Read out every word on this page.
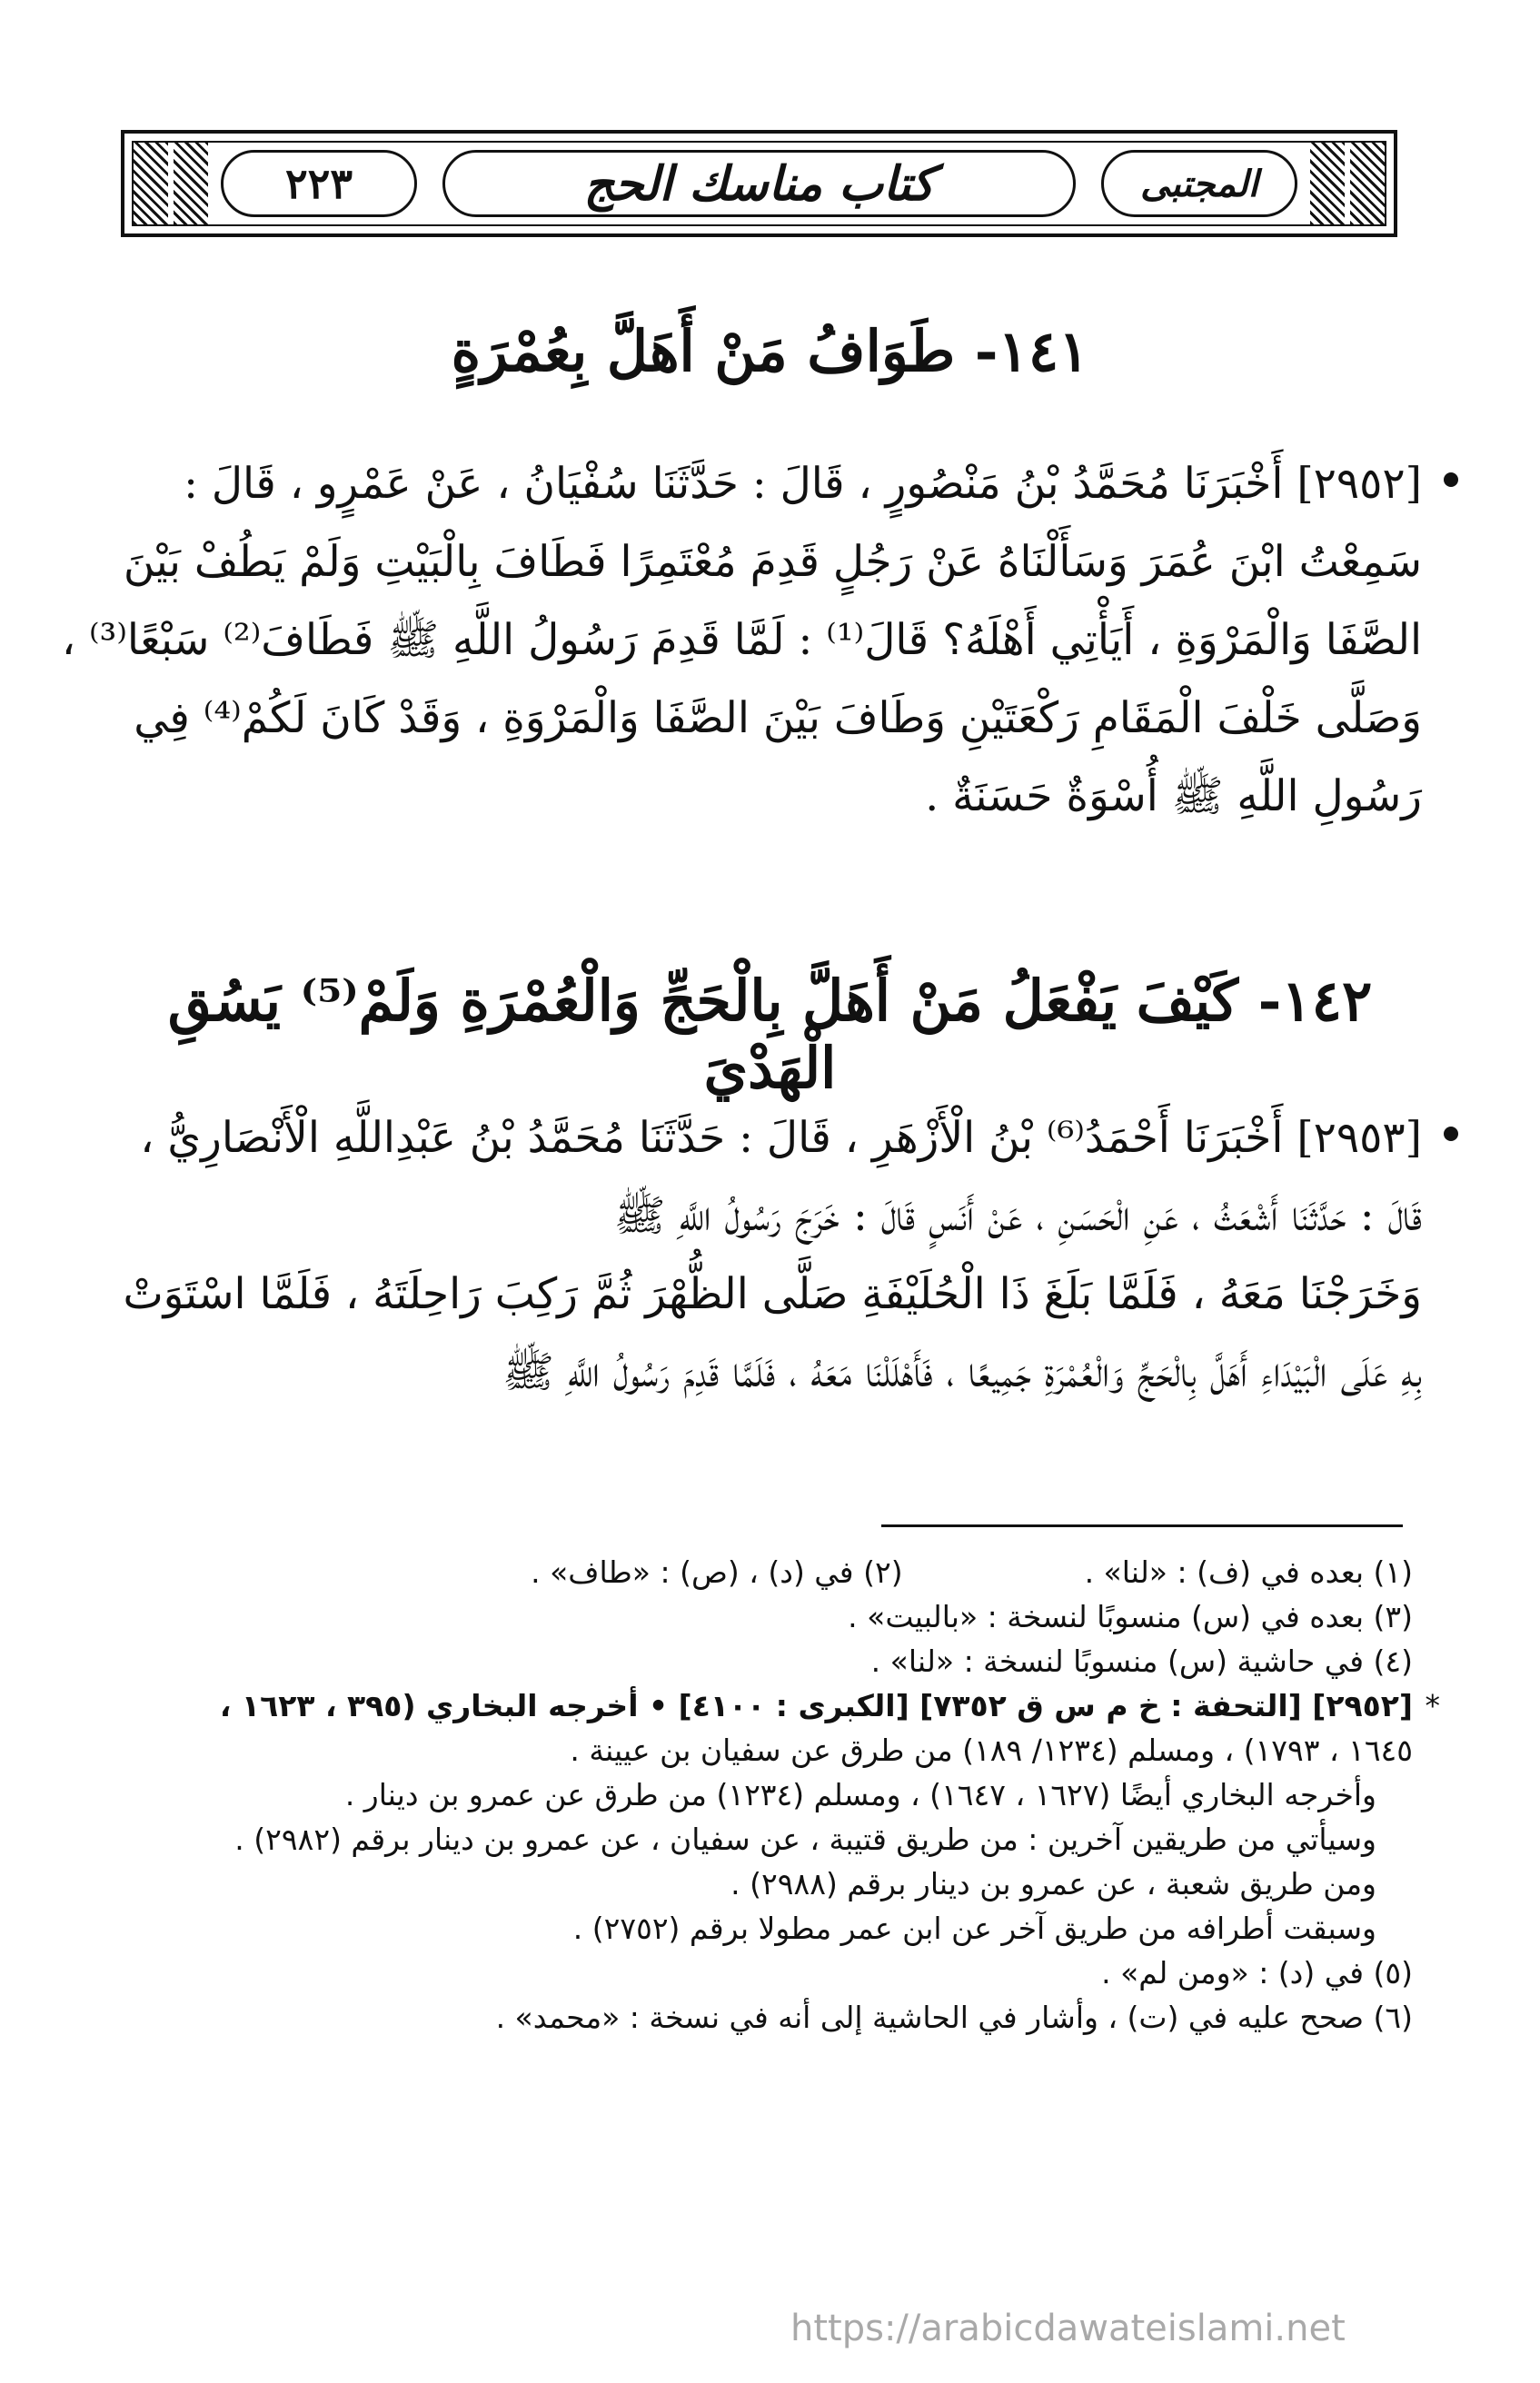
٢٢٣	كتاب مناسك الحج	المجتبى
١٤١- طَوَافُ مَنْ أَهَلَّ بِعُمْرَةٍ
[٢٩٥٢] أَخْبَرَنَا مُحَمَّدُ بْنُ مَنْصُورٍ ، قَالَ : حَدَّثَنَا سُفْيَانُ ، عَنْ عَمْرٍو ، قَالَ :
سَمِعْتُ ابْنَ عُمَرَ وَسَأَلْنَاهُ عَنْ رَجُلٍ قَدِمَ مُعْتَمِرًا فَطَافَ بِالْبَيْتِ وَلَمْ يَطُفْ بَيْنَ
الصَّفَا وَالْمَرْوَةِ ، أَيَأْتِي أَهْلَهُ؟ قَالَ⁽¹⁾ : لَمَّا قَدِمَ رَسُولُ اللَّهِ ﷺ فَطَافَ⁽²⁾ سَبْعًا⁽³⁾ ،
وَصَلَّى خَلْفَ الْمَقَامِ رَكْعَتَيْنِ وَطَافَ بَيْنَ الصَّفَا وَالْمَرْوَةِ ، وَقَدْ كَانَ لَكُمْ⁽⁴⁾ فِي
رَسُولِ اللَّهِ ﷺ أُسْوَةٌ حَسَنَةٌ .
١٤٢- كَيْفَ يَفْعَلُ مَنْ أَهَلَّ بِالْحَجِّ وَالْعُمْرَةِ وَلَمْ⁽⁵⁾ يَسُقِ الْهَدْيَ
[٢٩٥٣] أَخْبَرَنَا أَحْمَدُ⁽⁶⁾ بْنُ الْأَزْهَرِ ، قَالَ : حَدَّثَنَا مُحَمَّدُ بْنُ عَبْدِاللَّهِ الْأَنْصَارِيُّ ،
قَالَ : حَدَّثَنَا أَشْعَثُ ، عَنِ الْحَسَنِ ، عَنْ أَنَسٍ قَالَ : خَرَجَ رَسُولُ اللَّهِ ﷺ
وَخَرَجْنَا مَعَهُ ، فَلَمَّا بَلَغَ ذَا الْحُلَيْفَةِ صَلَّى الظُّهْرَ ثُمَّ رَكِبَ رَاحِلَتَهُ ، فَلَمَّا اسْتَوَتْ
بِهِ عَلَى الْبَيْدَاءِ أَهَلَّ بِالْحَجِّ وَالْعُمْرَةِ جَمِيعًا ، فَأَهْلَلْنَا مَعَهُ ، فَلَمَّا قَدِمَ رَسُولُ اللَّهِ ﷺ
(١) بعده في (ف) : «لنا» .
(٢) في (د) ، (ص) : «طاف» .
(٣) بعده في (س) منسوبًا لنسخة : «بالبيت» .
(٤) في حاشية (س) منسوبًا لنسخة : «لنا» .
*
[٢٩٥٢] [التحفة : خ م س ق ٧٣٥٢] [الكبرى : ٤١٠٠] • أخرجه البخاري (٣٩٥ ، ١٦٢٣ ،
١٦٤٥ ، ١٧٩٣) ، ومسلم (١٢٣٤/ ١٨٩) من طرق عن سفيان بن عيينة .
وأخرجه البخاري أيضًا (١٦٢٧ ، ١٦٤٧) ، ومسلم (١٢٣٤) من طرق عن عمرو بن دينار .
وسيأتي من طريقين آخرين : من طريق قتيبة ، عن سفيان ، عن عمرو بن دينار برقم (٢٩٨٢) .
ومن طريق شعبة ، عن عمرو بن دينار برقم (٢٩٨٨) .
وسبقت أطرافه من طريق آخر عن ابن عمر مطولا برقم (٢٧٥٢) .
(٥) في (د) : «ومن لم» .
(٦) صحح عليه في (ت) ، وأشار في الحاشية إلى أنه في نسخة : «محمد» .
https://arabicdawateislami.net
